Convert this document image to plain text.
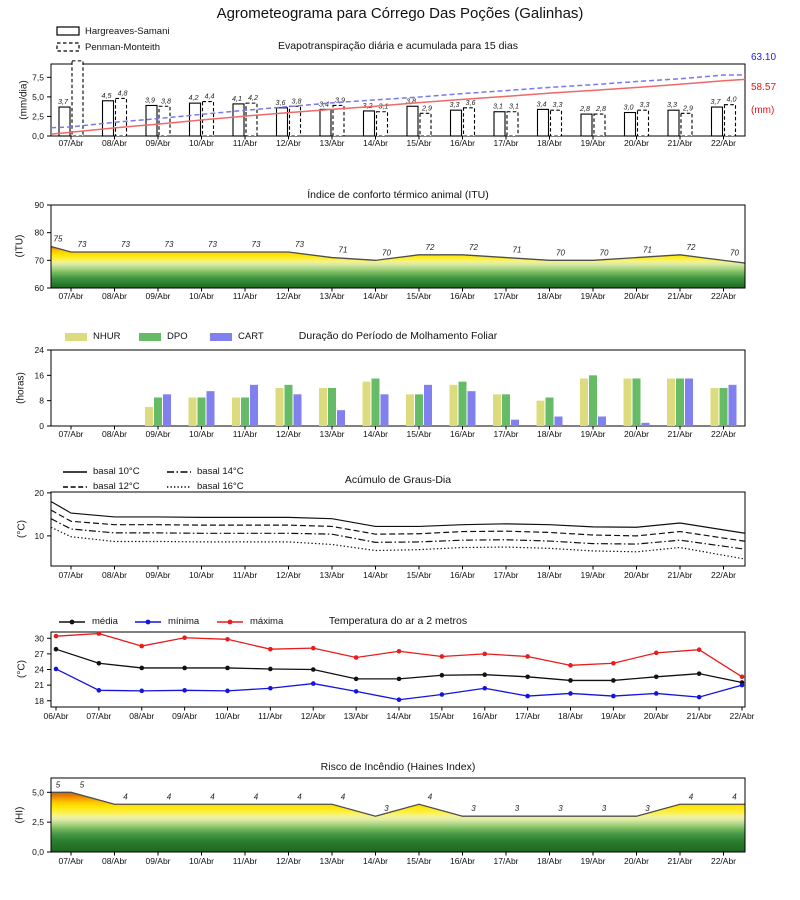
75
73	73	73	73	73	73
71	70
72	72	71	70	70	71	72
70
5 5
4	4	4	4	4	4
3
4
3	3	3	3	3
4	4
0,0
2,5
5,0
7,5
07/Abr 08/Abr 09/Abr 10/Abr 11/Abr 12/Abr 13/Abr 14/Abr 15/Abr 16/Abr 17/Abr 18/Abr 19/Abr 20/Abr 21/Abr 22/Abr
60
70
80
90
07/Abr 08/Abr 09/Abr 10/Abr 11/Abr 12/Abr 13/Abr 14/Abr 15/Abr 16/Abr 17/Abr 18/Abr 19/Abr 20/Abr 21/Abr 22/Abr
0
8
16
24
07/Abr 08/Abr 09/Abr 10/Abr 11/Abr 12/Abr 13/Abr 14/Abr 15/Abr 16/Abr 17/Abr 18/Abr 19/Abr 20/Abr 21/Abr 22/Abr
10
20
07/Abr 08/Abr 09/Abr 10/Abr 11/Abr 12/Abr 13/Abr 14/Abr 15/Abr 16/Abr 17/Abr 18/Abr 19/Abr 20/Abr 21/Abr 22/Abr
18
21
24
27
30
06/Abr 07/Abr 08/Abr 09/Abr 10/Abr 11/Abr 12/Abr 13/Abr 14/Abr 15/Abr 16/Abr 17/Abr 18/Abr 19/Abr 20/Abr 21/Abr 22/Abr
0,0
2,5
5,0
07/Abr 08/Abr 09/Abr 10/Abr 11/Abr 12/Abr 13/Abr 14/Abr 15/Abr 16/Abr 17/Abr 18/Abr 19/Abr 20/Abr 21/Abr 22/Abr
3,7
4,5
3,9	4,2	4,1	3,6	3,4	3,2
3,8	3,3	3,1	3,4
2,8	3,0	3,3	3,7
4,8
3,8
4,4	4,2	3,8	3,9
3,1	2,9
3,6	3,1	3,3	2,8	3,3	2,9
4,0
Agrometeograma para Córrego Das Poções (Galinhas)
Evapotranspiração diária e acumulada para 15 dias
(mm/dia)
Hargreaves-Samani
Penman-Monteith
63.10
58.57
(mm)
Índice de conforto térmico animal (ITU)
(ITU)
Duração do Período de Molhamento Foliar
(horas)
NHUR	DPO	CART
Acúmulo de Graus-Dia
(°C)
basal 10°C
basal 12°C
basal 14°C
basal 16°C
Temperatura do ar a 2 metros
(°C)
média	mínima	máxima
Risco de Incêndio (Haines Index)
(HI)
